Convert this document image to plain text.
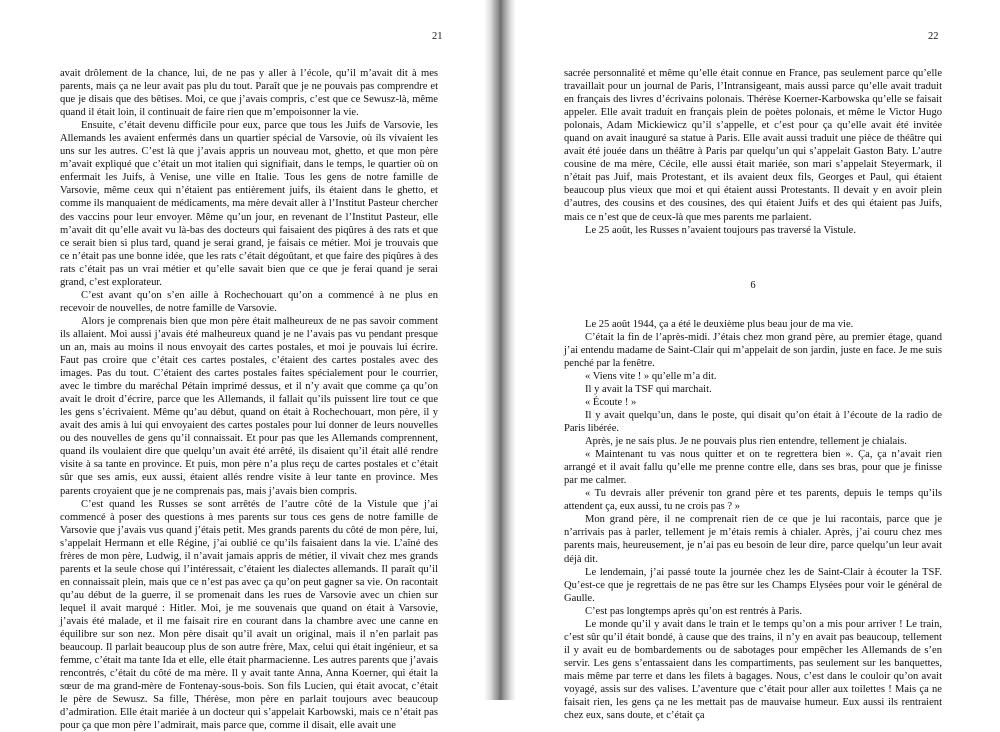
21

avait drôlement de la chance, lui, de ne pas y aller à l’école, qu’il m’avait dit à mes parents, mais ça ne leur avait pas plu du tout. Paraît que je ne pouvais pas comprendre et que je disais que des bêtises. Moi, ce que j’avais compris, c’est que ce Sewusz-là, même quand il était loin, il continuait de faire rien que m’empoisonner la vie.

Ensuite, c’était devenu difficile pour eux, parce que tous les Juifs de Varsovie, les Allemands les avaient enfermés dans un quartier spécial de Varsovie, où ils vivaient les uns sur les autres. C’est là que j’avais appris un nouveau mot, ghetto, et que mon père m’avait expliqué que c’était un mot italien qui signifiait, dans le temps, le quartier où on enfermait les Juifs, à Venise, une ville en Italie. Tous les gens de notre famille de Varsovie, même ceux qui n’étaient pas entièrement juifs, ils étaient dans le ghetto, et comme ils manquaient de médicaments, ma mère devait aller à l’Institut Pasteur chercher des vaccins pour leur envoyer. Même qu’un jour, en revenant de l’Institut Pasteur, elle m’avait dit qu’elle avait vu là-bas des docteurs qui faisaient des piqûres à des rats et que ce serait bien si plus tard, quand je serai grand, je faisais ce métier. Moi je trouvais que ce n’était pas une bonne idée, que les rats c’était dégoûtant, et que faire des piqûres à des rats c’était pas un vrai métier et qu’elle savait bien que ce que je ferai quand je serai grand, c’est explorateur.

C’est avant qu’on s’en aille à Rochechouart qu’on a commencé à ne plus en recevoir de nouvelles, de notre famille de Varsovie.

Alors je comprenais bien que mon père était malheureux de ne pas savoir comment ils allaient. Moi aussi j’avais été malheureux quand je ne l’avais pas vu pendant presque un an, mais au moins il nous envoyait des cartes postales, et moi je pouvais lui écrire. Faut pas croire que c’était ces cartes postales, c’étaient des cartes postales avec des images. Pas du tout. C’étaient des cartes postales faites spécialement pour le courrier, avec le timbre du maréchal Pétain imprimé dessus, et il n’y avait que comme ça qu’on avait le droit d’écrire, parce que les Allemands, il fallait qu’ils puissent lire tout ce que les gens s’écrivaient. Même qu’au début, quand on était à Rochechouart, mon père, il y avait des amis à lui qui envoyaient des cartes postales pour lui donner de leurs nouvelles ou des nouvelles de gens qu’il connaissait. Et pour pas que les Allemands comprennent, quand ils voulaient dire que quelqu’un avait été arrêté, ils disaient qu’il était allé rendre visite à sa tante en province. Et puis, mon père n’a plus reçu de cartes postales et c’était sûr que ses amis, eux aussi, étaient allés rendre visite à leur tante en province. Mes parents croyaient que je ne comprenais pas, mais j’avais bien compris.

C’est quand les Russes se sont arrêtés de l’autre côté de la Vistule que j’ai commencé à poser des questions à mes parents sur tous ces gens de notre famille de Varsovie que j’avais vus quand j’étais petit. Mes grands parents du côté de mon père, lui, s’appelait Hermann et elle Régine, j’ai oublié ce qu’ils faisaient dans la vie. L’aîné des frères de mon père, Ludwig, il n’avait jamais appris de métier, il vivait chez mes grands parents et la seule chose qui l’intéressait, c’étaient les dialectes allemands. Il paraît qu’il en connaissait plein, mais que ce n’est pas avec ça qu’on peut gagner sa vie. On racontait qu’au début de la guerre, il se promenait dans les rues de Varsovie avec un chien sur lequel il avait marqué : Hitler. Moi, je me souvenais que quand on était à Varsovie, j’avais été malade, et il me faisait rire en courant dans la chambre avec une canne en équilibre sur son nez. Mon père disait qu’il avait un original, mais il n’en parlait pas beaucoup. Il parlait beaucoup plus de son autre frère, Max, celui qui était ingénieur, et sa femme, c’était ma tante Ida et elle, elle était pharmacienne. Les autres parents que j’avais rencontrés, c’était du côté de ma mère. Il y avait tante Anna, Anna Koerner, qui était la sœur de ma grand-mère de Fontenay-sous-bois. Son fils Lucien, qui était avocat, c’était le père de Sewusz. Sa fille, Thérèse, mon père en parlait toujours avec beaucoup d’admiration. Elle était mariée à un docteur qui s’appelait Karbowski, mais ce n’était pas pour ça que mon père l’admirait, mais parce que, comme il disait, elle avait une

22

sacrée personnalité et même qu’elle était connue en France, pas seulement parce qu’elle travaillait pour un journal de Paris, l’Intransigeant, mais aussi parce qu’elle avait traduit en français des livres d’écrivains polonais. Thérèse Koerner-Karbowska qu’elle se faisait appeler. Elle avait traduit en français plein de poètes polonais, et même le Victor Hugo polonais, Adam Mickiewicz qu’il s’appelle, et c’est pour ça qu’elle avait été invitée quand on avait inauguré sa statue à Paris. Elle avait aussi traduit une pièce de théâtre qui avait été jouée dans un théâtre à Paris par quelqu’un qui s’appelait Gaston Baty. L’autre cousine de ma mère, Cécile, elle aussi était mariée, son mari s’appelait Steyermark, il n’était pas Juif, mais Protestant, et ils avaient deux fils, Georges et Paul, qui étaient beaucoup plus vieux que moi et qui étaient aussi Protestants. Il devait y en avoir plein d’autres, des cousins et des cousines, des qui étaient Juifs et des qui étaient pas Juifs, mais ce n’est que de ceux-là que mes parents me parlaient.

Le 25 août, les Russes n’avaient toujours pas traversé la Vistule.

6

Le 25 août 1944, ça a été le deuxième plus beau jour de ma vie.

C’était la fin de l’après-midi. J’étais chez mon grand père, au premier étage, quand j’ai entendu madame de Saint-Clair qui m’appelait de son jardin, juste en face. Je me suis penché par la fenêtre.

« Viens vite ! » qu’elle m’a dit.

Il y avait la TSF qui marchait.

« Écoute ! »

Il y avait quelqu’un, dans le poste, qui disait qu’on était à l’écoute de la radio de Paris libérée.

Après, je ne sais plus. Je ne pouvais plus rien entendre, tellement je chialais.

« Maintenant tu vas nous quitter et on te regrettera bien ». Ça, ça n’avait rien arrangé et il avait fallu qu’elle me prenne contre elle, dans ses bras, pour que je finisse par me calmer.

« Tu devrais aller prévenir ton grand père et tes parents, depuis le temps qu’ils attendent ça, eux aussi, tu ne crois pas ? »

Mon grand père, il ne comprenait rien de ce que je lui racontais, parce que je n’arrivais pas à parler, tellement je m’étais remis à chialer. Après, j’ai couru chez mes parents mais, heureusement, je n’ai pas eu besoin de leur dire, parce quelqu’un leur avait déjà dit.

Le lendemain, j’ai passé toute la journée chez les de Saint-Clair à écouter la TSF. Qu’est-ce que je regrettais de ne pas être sur les Champs Elysées pour voir le général de Gaulle.

C’est pas longtemps après qu’on est rentrés à Paris.

Le monde qu’il y avait dans le train et le temps qu’on a mis pour arriver ! Le train, c’est sûr qu’il était bondé, à cause que des trains, il n’y en avait pas beaucoup, tellement il y avait eu de bombardements ou de sabotages pour empêcher les Allemands de s’en servir. Les gens s’entassaient dans les compartiments, pas seulement sur les banquettes, mais même par terre et dans les filets à bagages. Nous, c’est dans le couloir qu’on avait voyagé, assis sur des valises. L’aventure que c’était pour aller aux toilettes ! Mais ça ne faisait rien, les gens ça ne les mettait pas de mauvaise humeur. Eux aussi ils rentraient chez eux, sans doute, et c’était ça
